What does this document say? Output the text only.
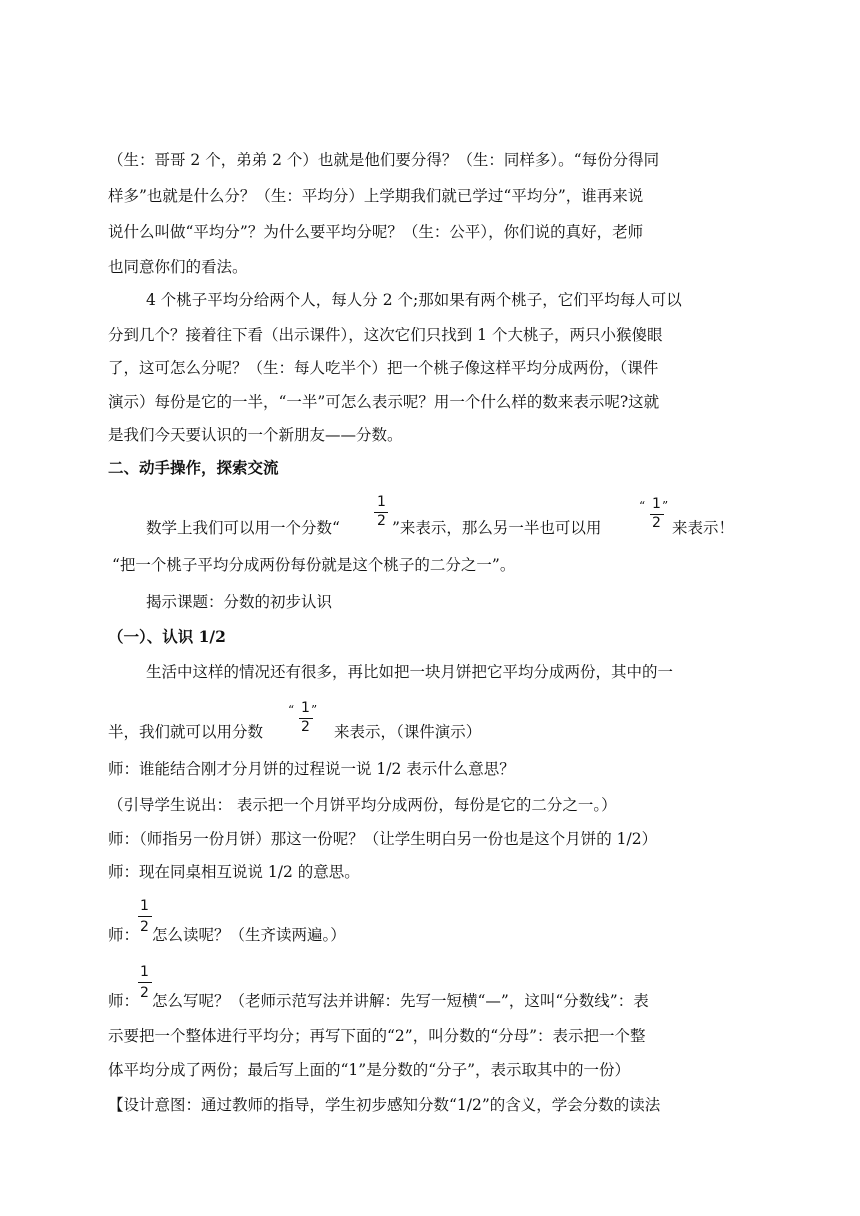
（生：哥哥 2 个，弟弟 2 个）也就是他们要分得？（生：同样多）。“每份分得同
样多”也就是什么分？（生：平均分）上学期我们就已学过“平均分”，谁再来说
说什么叫做“平均分”？为什么要平均分呢？（生：公平），你们说的真好，老师
也同意你们的看法。
4 个桃子平均分给两个人，每人分 2 个;那如果有两个桃子，它们平均每人可以
分到几个？接着往下看（出示课件），这次它们只找到 1 个大桃子，两只小猴傻眼
了，这可怎么分呢？（生：每人吃半个）把一个桃子像这样平均分成两份，（课件
演示）每份是它的一半，“一半”可怎么表示呢？用一个什么样的数来表示呢?这就
是我们今天要认识的一个新朋友——分数。
二、动手操作，探索交流
数学上我们可以用一个分数“
1
2 ”来表示，那么另一半也可以用
“ 1
2
”
来表示！
“把一个桃子平均分成两份每份就是这个桃子的二分之一”。
揭示课题：分数的初步认识
（一）、认识 1/2
生活中这样的情况还有很多，再比如把一块月饼把它平均分成两份，其中的一
半，我们就可以用分数
“ 1
2
”
来表示，（课件演示）
师：谁能结合刚才分月饼的过程说一说 1/2 表示什么意思？
（引导学生说出： 表示把一个月饼平均分成两份，每份是它的二分之一。）
师：（师指另一份月饼）那这一份呢？（让学生明白另一份也是这个月饼的 1/2）
师：现在同桌相互说说 1/2 的意思。
1
师： 2 怎么读呢？（生齐读两遍。）
1
师： 2 怎么写呢？（老师示范写法并讲解：先写一短横“—”，这叫“分数线”：表
示要把一个整体进行平均分；再写下面的“2”，叫分数的“分母”：表示把一个整
体平均分成了两份；最后写上面的“1”是分数的“分子”，表示取其中的一份）
【设计意图：通过教师的指导，学生初步感知分数“1/2”的含义，学会分数的读法
